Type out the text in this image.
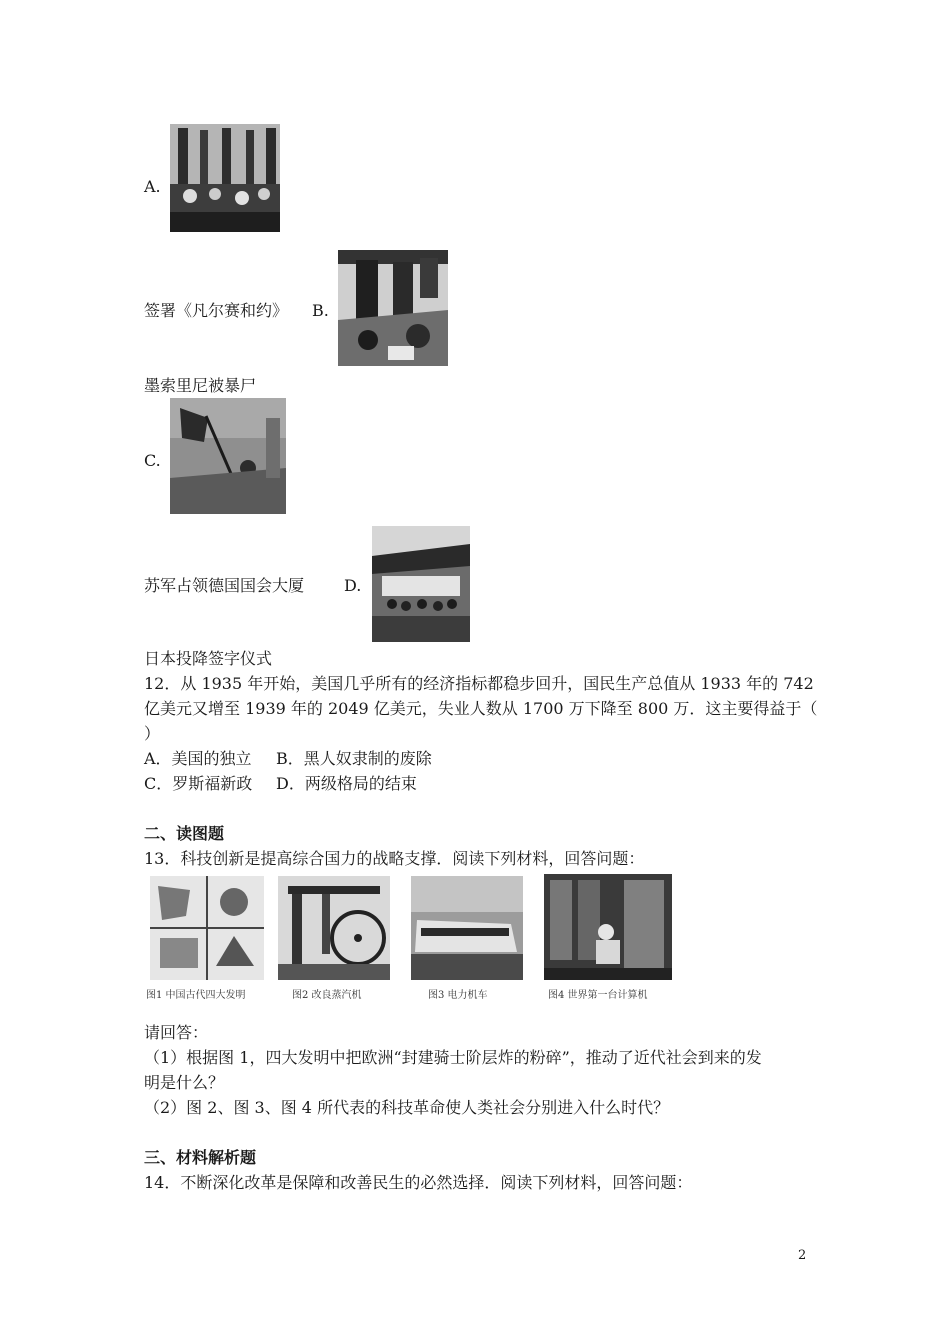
A.
签署《凡尔赛和约》 B.
墨索里尼被暴尸
C.
苏军占领德国国会大厦 D.
日本投降签字仪式
12．从 1935 年开始，美国几乎所有的经济指标都稳步回升，国民生产总值从 1933 年的 742
亿美元又增至 1939 年的 2049 亿美元，失业人数从 1700 万下降至 800 万．这主要得益于（
）
A．美国的独立 B．黑人奴隶制的废除
C．罗斯福新政 D．两级格局的结束
二、读图题
13．科技创新是提高综合国力的战略支撑．阅读下列材料，回答问题：
图1 中国古代四大发明	图2 改良蒸汽机	图3 电力机车	图4 世界第一台计算机
请回答：
（1）根据图 1，四大发明中把欧洲“封建骑士阶层炸的粉碎”，推动了近代社会到来的发
明是什么？
（2）图 2、图 3、图 4 所代表的科技革命使人类社会分别进入什么时代？
三、材料解析题
14．不断深化改革是保障和改善民生的必然选择．阅读下列材料，回答问题：
2
